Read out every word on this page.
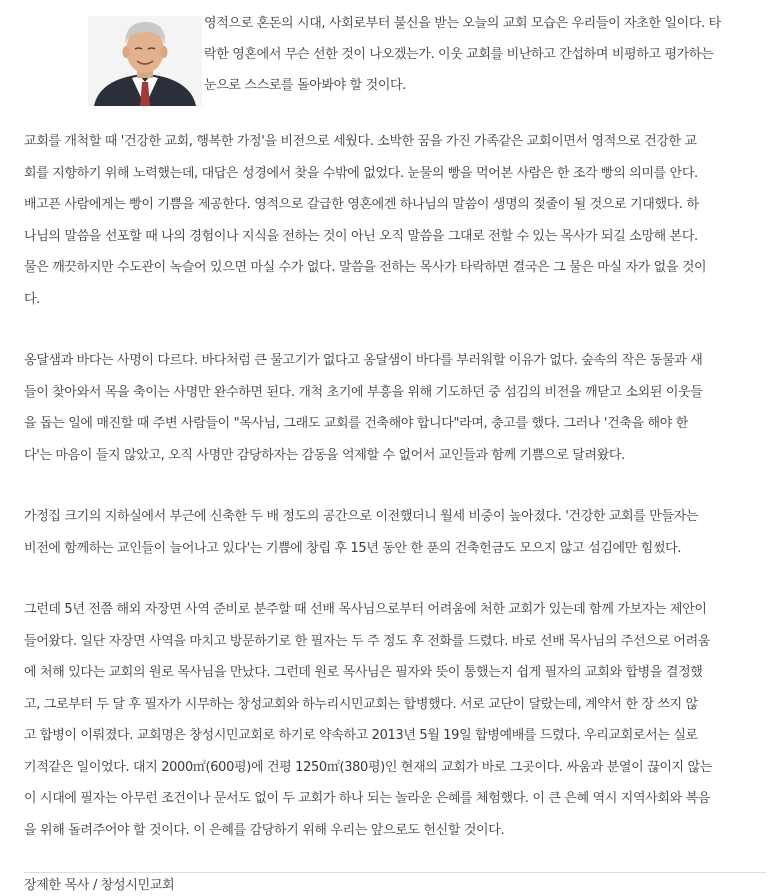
영적으로 혼돈의 시대, 사회로부터 불신을 받는 오늘의 교회 모습은 우리들이 자초한 일이다. 타
락한 영혼에서 무슨 선한 것이 나오겠는가. 이웃 교회를 비난하고 간섭하며 비평하고 평가하는
눈으로 스스로를 돌아봐야 할 것이다.

교회를 개척할 때 '건강한 교회, 행복한 가정'을 비전으로 세웠다. 소박한 꿈을 가진 가족같은 교회이면서 영적으로 건강한 교
회를 지향하기 위해 노력했는데, 대답은 성경에서 찾을 수밖에 없었다. 눈물의 빵을 먹어본 사람은 한 조각 빵의 의미를 안다.
배고픈 사람에게는 빵이 기쁨을 제공한다. 영적으로 갈급한 영혼에겐 하나님의 말씀이 생명의 젖줄이 될 것으로 기대했다. 하
나님의 말씀을 선포할 때 나의 경험이나 지식을 전하는 것이 아닌 오직 말씀을 그대로 전할 수 있는 목사가 되길 소망해 본다.
물은 깨끗하지만 수도관이 녹슬어 있으면 마실 수가 없다. 말씀을 전하는 목사가 타락하면 결국은 그 물은 마실 자가 없을 것이
다.

옹달샘과 바다는 사명이 다르다. 바다처럼 큰 물고기가 없다고 옹달샘이 바다를 부러워할 이유가 없다. 숲속의 작은 동물과 새
들이 찾아와서 목을 축이는 사명만 완수하면 된다. 개척 초기에 부흥을 위해 기도하던 중 섬김의 비전을 깨닫고 소외된 이웃들
을 돕는 일에 매진할 때 주변 사람들이 "목사님, 그래도 교회를 건축해야 합니다"라며, 충고를 했다. 그러나 '건축을 해야 한
다'는 마음이 들지 않았고, 오직 사명만 감당하자는 감동을 억제할 수 없어서 교인들과 함께 기쁨으로 달려왔다.

가정집 크기의 지하실에서 부근에 신축한 두 배 정도의 공간으로 이전했더니 월세 비중이 높아졌다. '건강한 교회를 만들자는
비전에 함께하는 교인들이 늘어나고 있다'는 기쁨에 창립 후 15년 동안 한 푼의 건축헌금도 모으지 않고 섬김에만 힘썼다.

그런데 5년 전쯤 해외 자장면 사역 준비로 분주할 때 선배 목사님으로부터 어려움에 처한 교회가 있는데 함께 가보자는 제안이
들어왔다. 일단 자장면 사역을 마치고 방문하기로 한 필자는 두 주 정도 후 전화를 드렸다. 바로 선배 목사님의 주선으로 어려움
에 처해 있다는 교회의 원로 목사님을 만났다. 그런데 원로 목사님은 필자와 뜻이 통했는지 쉽게 필자의 교회와 합병을 결정했
고, 그로부터 두 달 후 필자가 시무하는 창성교회와 하누리시민교회는 합병했다. 서로 교단이 달랐는데, 계약서 한 장 쓰지 않
고 합병이 이뤄졌다. 교회명은 창성시민교회로 하기로 약속하고 2013년 5월 19일 합병예배를 드렸다. 우리교회로서는 실로
기적같은 일이었다. 대지 2000㎡(600평)에 건평 1250㎡(380평)인 현재의 교회가 바로 그곳이다. 싸움과 분열이 끊이지 않는
이 시대에 필자는 아무런 조건이나 문서도 없이 두 교회가 하나 되는 놀라운 은혜를 체험했다. 이 큰 은혜 역시 지역사회와 복음
을 위해 돌려주어야 할 것이다. 이 은혜를 감당하기 위해 우리는 앞으로도 헌신할 것이다.

장제한 목사 / 창성시민교회
